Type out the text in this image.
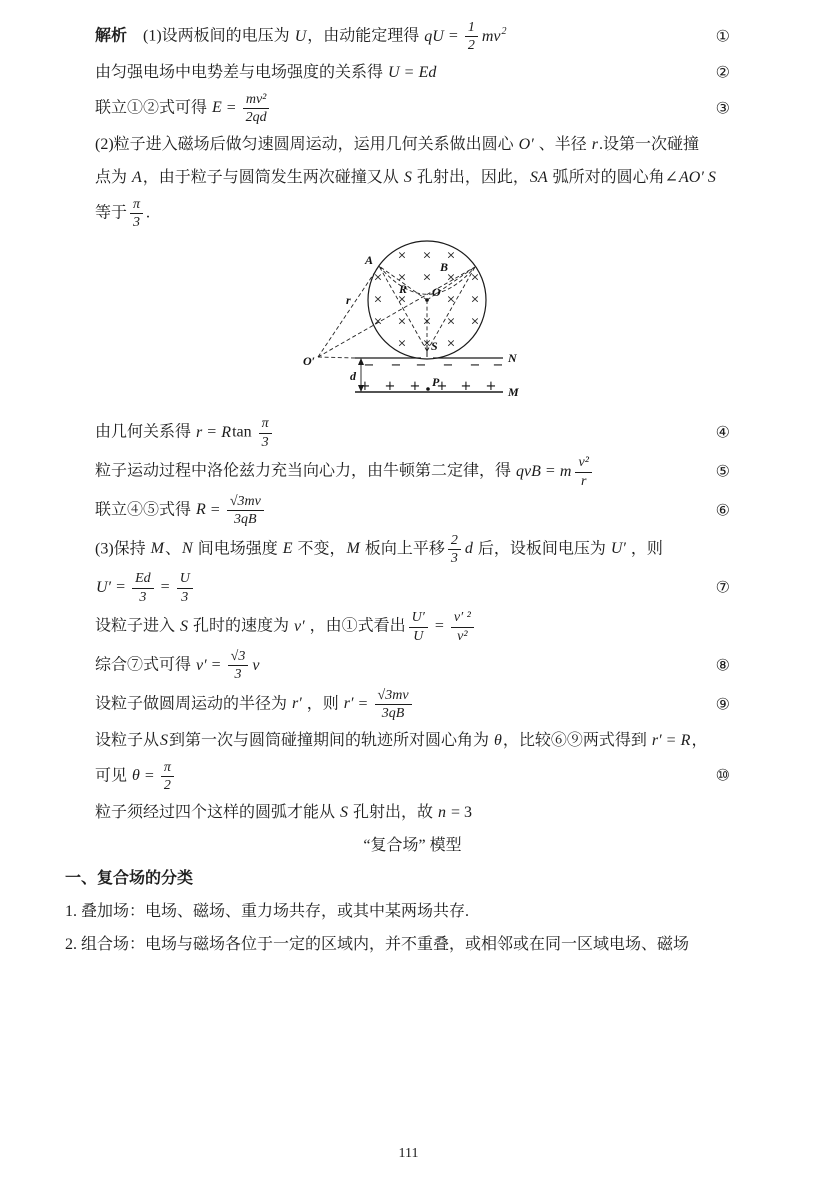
解析　(1)设两板间的电压为 U，由动能定理得 qU = $\frac{1}{2} mv^2$	①
由匀强电场中电势差与电场强度的关系得 U = Ed	②
联立①②式可得 $E = \frac{\text{mv²}}{2qd}$	③
(2)粒子进入磁场后做匀速圆周运动，运用几何关系做出圆心 O′ 、半径 r.设第一次碰撞
点为 A，由于粒子与圆筒发生两次碰撞又从 S 孔射出，因此，SA 弧所对的圆心角∠AO′ S
等于 $\frac{\pi}{3}$ .
× × ×
× × × × ×
× ×	× ×
× × × × ×
× × ×
− − − − − −
+ + + + + +
A	B
R O
S
O′
r
d	P
N
M
由几何关系得 r = Rtan $\frac{\pi}{3}$	④
粒子运动过程中洛伦兹力充当向心力，由牛顿第二定律，得 qvB = m $\frac{\text{v²}}{r}$	⑤
联立④⑤式得 $R = \frac{√3mv}{3qB}$	⑥
(3)保持 M、N 间电场强度 E 不变，M 板向上平移 $\frac{2}{3}$ d 后，设板间电压为 U′ ，则
$U' = \frac{Ed}{3} = \frac{U}{3}$	⑦
设粒子进入 S 孔时的速度为 v′ ，由①式看出 $\frac{U'}{U} = \frac{\text{v′ ²}}{\text{v²}}$
综合⑦式可得 $v' = \frac{√3}{3}$ v	⑧
设粒子做圆周运动的半径为 r′ ，则 $r' = \frac{√3mv}{3qB}$	⑨
设粒子从S到第一次与圆筒碰撞期间的轨迹所对圆心角为 θ，比较⑥⑨两式得到 r′ = R，
可见 $\theta = \frac{\pi}{2}$	⑩
粒子须经过四个这样的圆弧才能从 S 孔射出，故 n = 3
“复合场” 模型
一、复合场的分类
1. 叠加场：电场、磁场、重力场共存，或其中某两场共存.
2. 组合场：电场与磁场各位于一定的区域内，并不重叠，或相邻或在同一区域电场、磁场
111
